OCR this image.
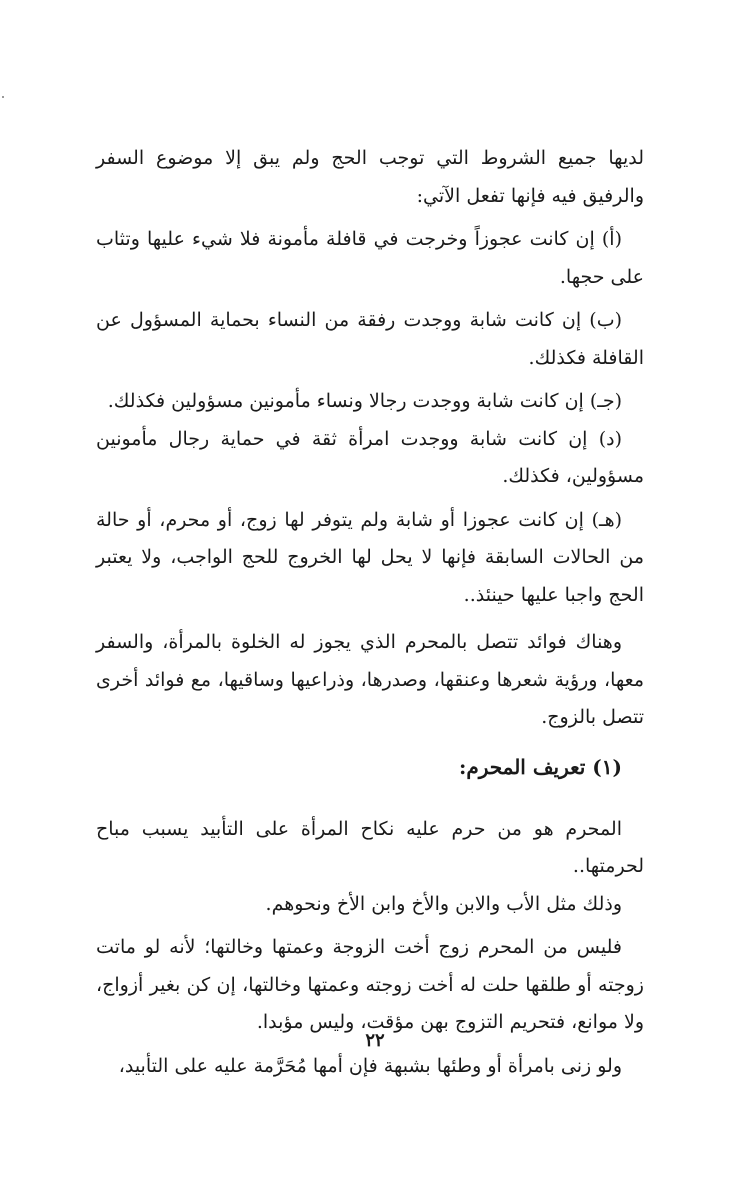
لديها جميع الشروط التي توجب الحج ولم يبق إلا موضوع السفر والرفيق فيه فإنها تفعل الآتي:

(أ) إن كانت عجوزاً وخرجت في قافلة مأمونة فلا شيء عليها وتثاب على حجها.

(ب) إن كانت شابة ووجدت رفقة من النساء بحماية المسؤول عن القافلة فكذلك.

(جـ) إن كانت شابة ووجدت رجالا ونساء مأمونين مسؤولين فكذلك.

(د) إن كانت شابة ووجدت امرأة ثقة في حماية رجال مأمونين مسؤولين، فكذلك.

(هـ) إن كانت عجوزا أو شابة ولم يتوفر لها زوج، أو محرم، أو حالة من الحالات السابقة فإنها لا يحل لها الخروج للحج الواجب، ولا يعتبر الحج واجبا عليها حينئذ..

وهناك فوائد تتصل بالمحرم الذي يجوز له الخلوة بالمرأة، والسفر معها، ورؤية شعرها وعنقها، وصدرها، وذراعيها وساقيها، مع فوائد أخرى تتصل بالزوج.

(١) تعريف المحرم:

المحرم هو من حرم عليه نكاح المرأة على التأبيد يسبب مباح لحرمتها..

وذلك مثل الأب والابن والأخ وابن الأخ ونحوهم.

فليس من المحرم زوج أخت الزوجة وعمتها وخالتها؛ لأنه لو ماتت زوجته أو طلقها حلت له أخت زوجته وعمتها وخالتها، إن كن بغير أزواج، ولا موانع، فتحريم التزوج بهن مؤقت، وليس مؤبدا.

ولو زنى بامرأة أو وطئها بشبهة فإن أمها مُحَرَّمة عليه على التأبيد،

٢٢
